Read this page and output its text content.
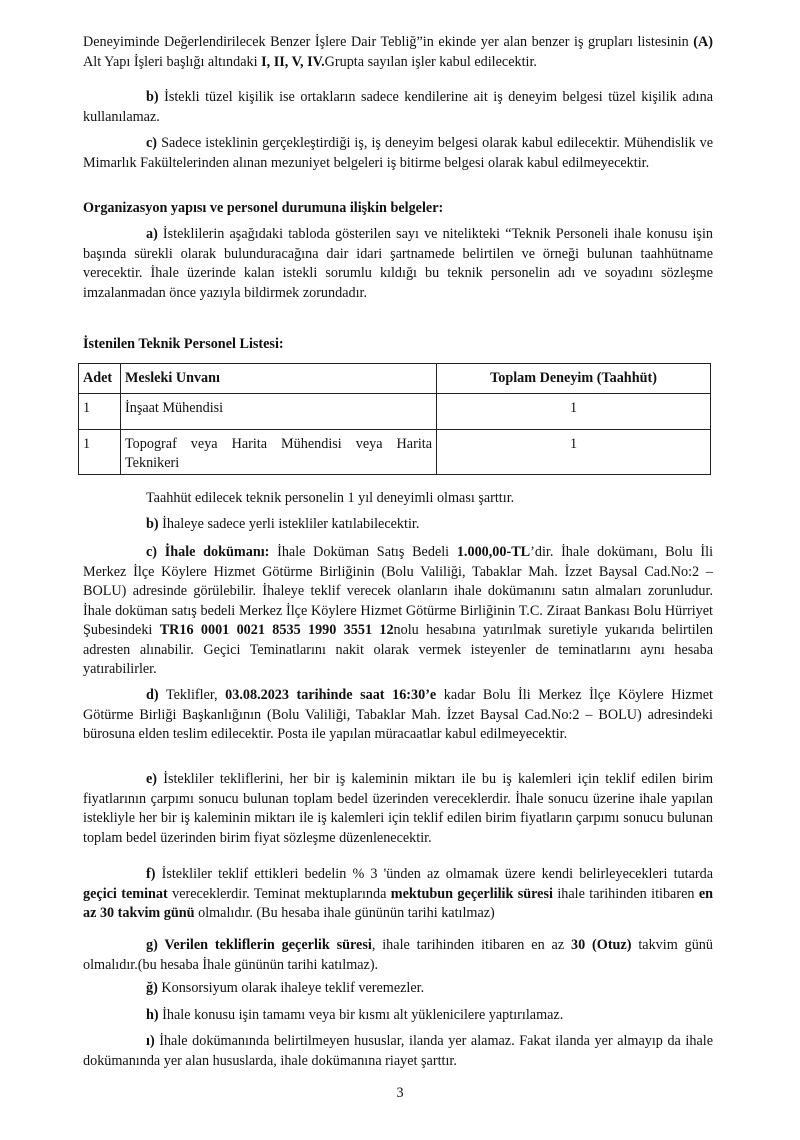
Deneyiminde Değerlendirilecek Benzer İşlere Dair Tebliğ”in ekinde yer alan benzer iş grupları listesinin (A) Alt Yapı İşleri başlığı altındaki I, II, V, IV.Grupta sayılan işler kabul edilecektir.

b) İstekli tüzel kişilik ise ortakların sadece kendilerine ait iş deneyim belgesi tüzel kişilik adına kullanılamaz.

c) Sadece isteklinin gerçekleştirdiği iş, iş deneyim belgesi olarak kabul edilecektir. Mühendislik ve Mimarlık Fakültelerinden alınan mezuniyet belgeleri iş bitirme belgesi olarak kabul edilmeyecektir.

Organizasyon yapısı ve personel durumuna ilişkin belgeler:

a) İsteklilerin aşağıdaki tabloda gösterilen sayı ve nitelikteki “Teknik Personeli ihale konusu işin başında sürekli olarak bulunduracağına dair idari şartnamede belirtilen ve örneği bulunan taahhütname verecektir. İhale üzerinde kalan istekli sorumlu kıldığı bu teknik personelin adı ve soyadını sözleşme imzalanmadan önce yazıyla bildirmek zorundadır.

İstenilen Teknik Personel Listesi:

Adet	Mesleki Unvanı	Toplam Deneyim (Taahhüt)
1	İnşaat Mühendisi	1
1	Topograf veya Harita Mühendisi veya Harita Teknikeri	1

Taahhüt edilecek teknik personelin 1 yıl deneyimli olması şarttır.

b) İhaleye sadece yerli istekliler katılabilecektir.

c) İhale dokümanı: İhale Doküman Satış Bedeli 1.000,00-TL’dir. İhale dokümanı, Bolu İli Merkez İlçe Köylere Hizmet Götürme Birliğinin (Bolu Valiliği, Tabaklar Mah. İzzet Baysal Cad.No:2 – BOLU) adresinde görülebilir. İhaleye teklif verecek olanların ihale dokümanını satın almaları zorunludur. İhale doküman satış bedeli Merkez İlçe Köylere Hizmet Götürme Birliğinin T.C. Ziraat Bankası Bolu Hürriyet Şubesindeki TR16 0001 0021 8535 1990 3551 12nolu hesabına yatırılmak suretiyle yukarıda belirtilen adresten alınabilir. Geçici Teminatlarını nakit olarak vermek isteyenler de teminatlarını aynı hesaba yatırabilirler.

d) Teklifler, 03.08.2023 tarihinde saat 16:30’e kadar Bolu İli Merkez İlçe Köylere Hizmet Götürme Birliği Başkanlığının (Bolu Valiliği, Tabaklar Mah. İzzet Baysal Cad.No:2 – BOLU) adresindeki bürosuna elden teslim edilecektir. Posta ile yapılan müracaatlar kabul edilmeyecektir.

e) İstekliler tekliflerini, her bir iş kaleminin miktarı ile bu iş kalemleri için teklif edilen birim fiyatlarının çarpımı sonucu bulunan toplam bedel üzerinden vereceklerdir. İhale sonucu üzerine ihale yapılan istekliyle her bir iş kaleminin miktarı ile iş kalemleri için teklif edilen birim fiyatların çarpımı sonucu bulunan toplam bedel üzerinden birim fiyat sözleşme düzenlenecektir.

f) İstekliler teklif ettikleri bedelin % 3 'ünden az olmamak üzere kendi belirleyecekleri tutarda geçici teminat vereceklerdir. Teminat mektuplarında mektubun geçerlilik süresi ihale tarihinden itibaren en az 30 takvim günü olmalıdır. (Bu hesaba ihale gününün tarihi katılmaz)

g) Verilen tekliflerin geçerlik süresi, ihale tarihinden itibaren en az 30 (Otuz) takvim günü olmalıdır.(bu hesaba İhale gününün tarihi katılmaz).

ğ) Konsorsiyum olarak ihaleye teklif veremezler.

h) İhale konusu işin tamamı veya bir kısmı alt yüklenicilere yaptırılamaz.

ı) İhale dokümanında belirtilmeyen hususlar, ilanda yer alamaz. Fakat ilanda yer almayıp da ihale dokümanında yer alan hususlarda, ihale dokümanına riayet şarttır.

3
